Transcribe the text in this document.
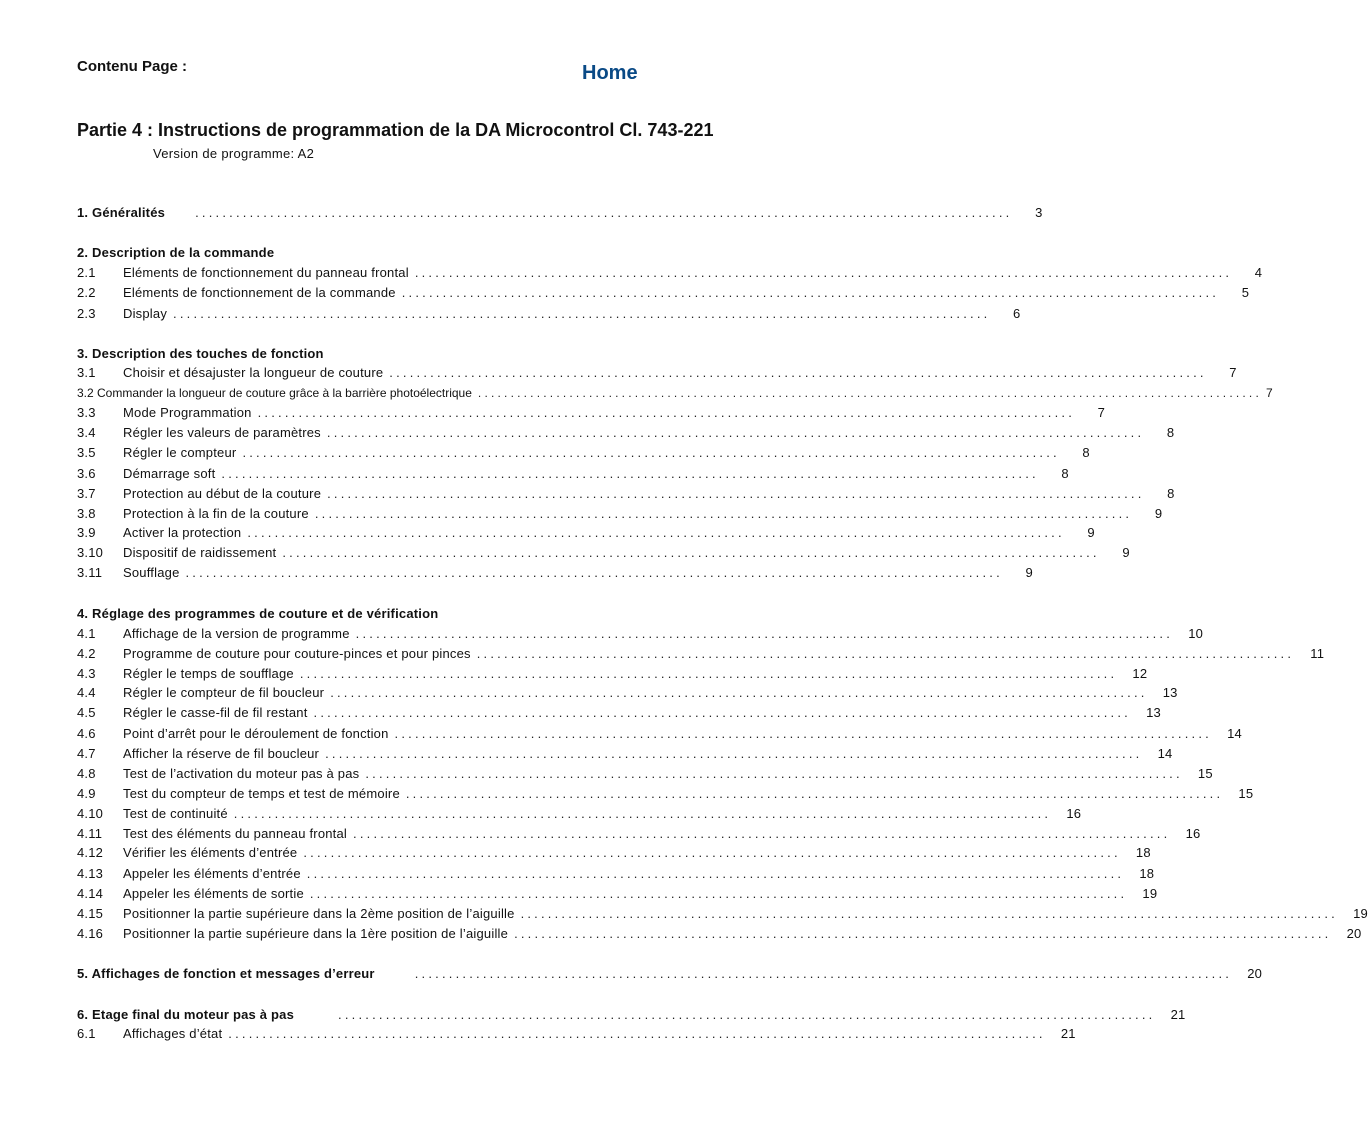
Contenu Page :	Home
Partie 4 : Instructions de programmation de la DA Microcontrol Cl. 743-221
Version de programme: A2
1. Généralités ........................................................................................................................	3
2. Description de la commande
2.1	Eléments de fonctionnement du panneau frontal ........................................................................................................................	4
2.2	Eléments de fonctionnement de la commande ........................................................................................................................	5
2.3	Display ........................................................................................................................	6
3. Description des touches de fonction
3.1	Choisir et désajuster la longueur de couture ........................................................................................................................	7
3.2 Commander la longueur de couture grâce à la barrière photoélectrique ........................................................................................................................ 7
3.3	Mode Programmation ........................................................................................................................	7
3.4	Régler les valeurs de paramètres ........................................................................................................................	8
3.5	Régler le compteur ........................................................................................................................	8
3.6	Démarrage soft ........................................................................................................................	8
3.7	Protection au début de la couture ........................................................................................................................	8
3.8	Protection à la fin de la couture ........................................................................................................................	9
3.9	Activer la protection ........................................................................................................................	9
3.10	Dispositif de raidissement ........................................................................................................................	9
3.11	Soufflage ........................................................................................................................	9
4. Réglage des programmes de couture et de vérification
4.1	Affichage de la version de programme ........................................................................................................................	10
4.2	Programme de couture pour couture-pinces et pour pinces ........................................................................................................................	11
4.3	Régler le temps de soufflage ........................................................................................................................	12
4.4	Régler le compteur de fil boucleur ........................................................................................................................	13
4.5	Régler le casse-fil de fil restant ........................................................................................................................	13
4.6	Point d’arrêt pour le déroulement de fonction ........................................................................................................................	14
4.7	Afficher la réserve de fil boucleur ........................................................................................................................	14
4.8	Test de l’activation du moteur pas à pas ........................................................................................................................	15
4.9	Test du compteur de temps et test de mémoire ........................................................................................................................	15
4.10	Test de continuité ........................................................................................................................	16
4.11	Test des éléments du panneau frontal ........................................................................................................................	16
4.12	Vérifier les éléments d’entrée ........................................................................................................................	18
4.13	Appeler les éléments d’entrée ........................................................................................................................	18
4.14	Appeler les éléments de sortie ........................................................................................................................	19
4.15	Positionner la partie supérieure dans la 2ème position de l’aiguille ........................................................................................................................	19
4.16	Positionner la partie supérieure dans la 1ère position de l’aiguille ........................................................................................................................	20
5. Affichages de fonction et messages d’erreur	........................................................................................................................	20
6. Etage final du moteur pas à pas	........................................................................................................................	21
6.1	Affichages d’état ........................................................................................................................	21
